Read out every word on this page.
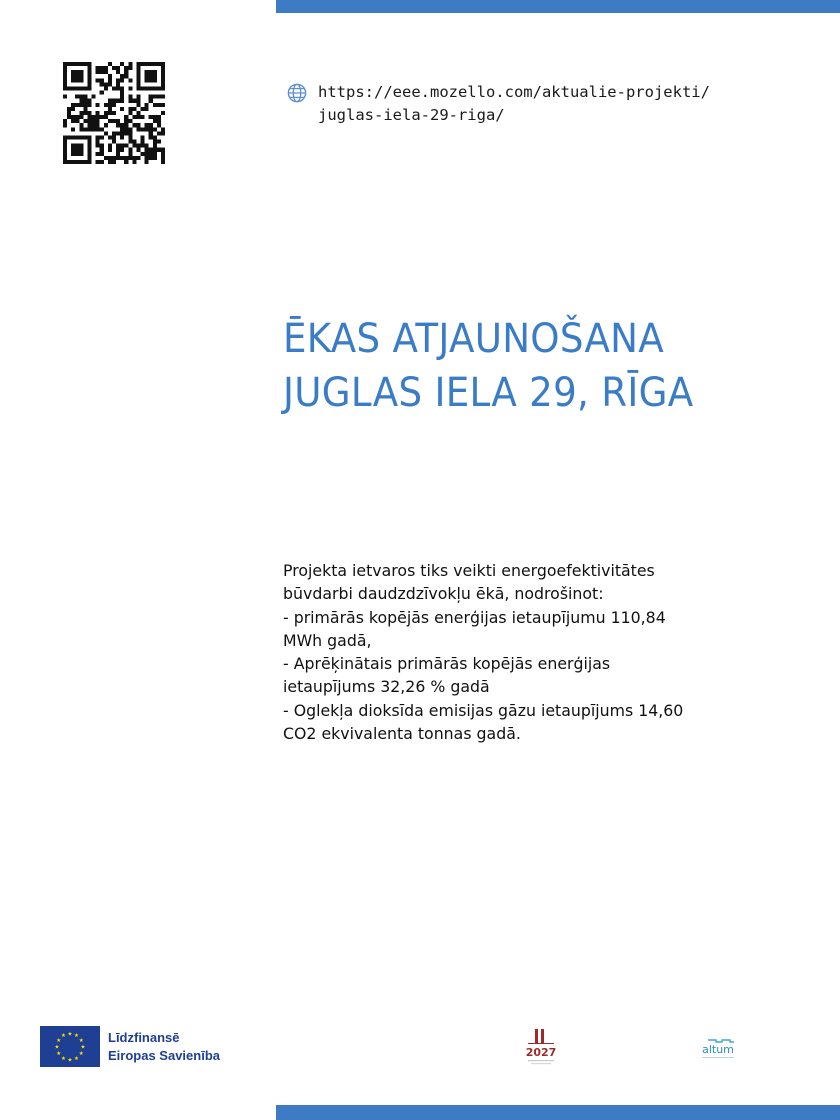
https://eee.mozello.com/aktualie-projekti/
juglas-iela-29-riga/
ĒKAS ATJAUNOŠANA
JUGLAS IELA 29, RĪGA
Projekta ietvaros tiks veikti energoefektivitātes
būvdarbi daudzdzīvokļu ēkā, nodrošinot:
- primārās kopējās enerģijas ietaupījumu 110,84
MWh gadā,
- Aprēķinātais primārās kopējās enerģijas
ietaupījums 32,26 % gadā
- Oglekļa dioksīda emisijas gāzu ietaupījums 14,60
CO2 ekvivalenta tonnas gadā.
★ ★
★
★
★
★
★
★
★
★
★
★	Līdzfinansē
Eiropas Savienība	2027	altum
